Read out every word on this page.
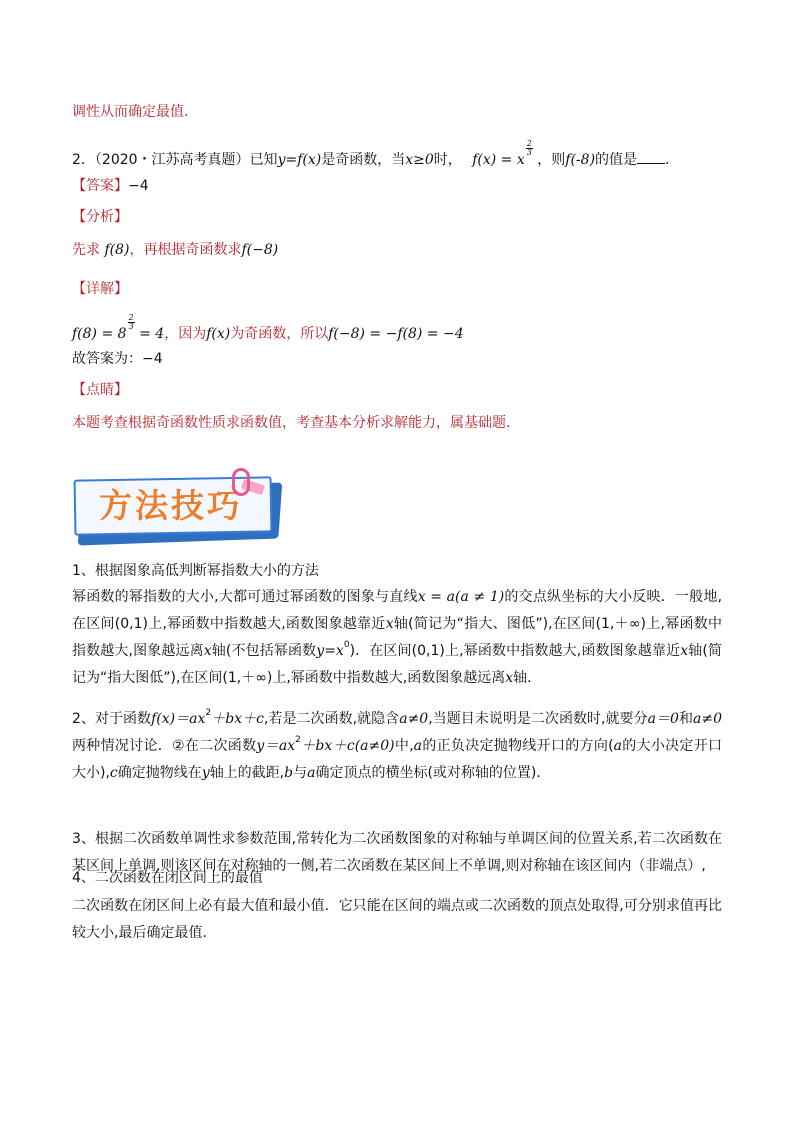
调性从而确定最值．
2．（2020・江苏高考真题）已知y=f(x)是奇函数，当x≥0时， f(x) = x
$\frac{2}{3}$
，则f(-8)的值是 .
【答案】−4
【分析】
先求 f(8)，再根据奇函数求f(−8)
【详解】
f(8) = 8
$\frac{2}{3}$
= 4，因为f(x)为奇函数，所以f(−8) = −f(8) = −4
故答案为：−4
【点睛】
本题考查根据奇函数性质求函数值，考查基本分析求解能力，属基础题．
方法技巧
1、根据图象高低判断幂指数大小的方法
幂函数的幂指数的大小,大都可通过幂函数的图象与直线x = a(a ≠ 1)的交点纵坐标的大小反映．一般地,在区间(0,1)上,幂函数中指数越大,函数图象越靠近x轴(简记为“指大、图低”),在区间(1,＋∞)上,幂函数中指数越大,图象越远离x轴(不包括幂函数$y=x^0$)．在区间(0,1)上,幂函数中指数越大,函数图象越靠近x轴(简记为“指大图低”),在区间(1,＋∞)上,幂函数中指数越大,函数图象越远离x轴．
2、对于函数$f(x)=ax^2+bx+c$,若是二次函数,就隐含a≠0,当题目未说明是二次函数时,就要分a＝0和a≠0两种情况讨论．②在二次函数$y=ax^2+bx+c(a\ne 0)$中,a的正负决定抛物线开口的方向(a的大小决定开口大小),c确定抛物线在y轴上的截距,b与a确定顶点的横坐标(或对称轴的位置)．
3、根据二次函数单调性求参数范围,常转化为二次函数图象的对称轴与单调区间的位置关系,若二次函数在某区间上单调,则该区间在对称轴的一侧,若二次函数在某区间上不单调,则对称轴在该区间内（非端点）,
4、二次函数在闭区间上的最值
二次函数在闭区间上必有最大值和最小值．它只能在区间的端点或二次函数的顶点处取得,可分别求值再比较大小,最后确定最值．
